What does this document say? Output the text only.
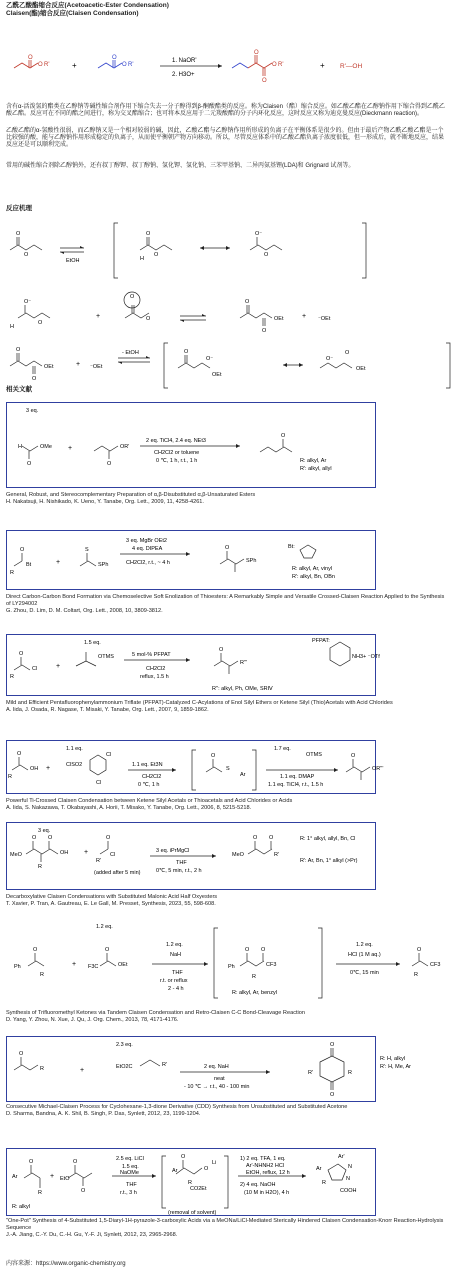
乙酰乙酸酯缩合反应(Acetoacetic-Ester Condensation)
Claisen(酯)缩合反应(Claisen Condensation)
O R'
O
+
O
O R'
1. NaOR'
2. H3O+
O
O
O R'	+ R'—OH
含有α-活泼氢的酯类在乙醇钠等碱性缩合剂作用下缩合失去一分子醇得到β-酮酸酯类的反应。称为Claisen（酯）缩合反应。如乙酸乙酯在乙醇钠作用下缩合得到乙酰乙酸乙酯。反应可在不同的酯之间进行，称为交叉酯缩合；也可将本反应用于二元羧酸酯的分子内环化反应，这时反应又称为迪克曼反应(Dieckmann reaction)。
乙酸乙酯的α-氢酸性很弱，而乙醇钠又是一个相对较弱的碱，因此，乙酸乙酯与乙醇钠作用所形成的负离子在平衡体系是很少的。但由于最后产物乙酰乙酸乙酯是一个比较强的酸，能与乙醇钠作用形成稳定的负离子，从而使平衡朝产物方向移动。所以，尽管反应体系中的乙酸乙酯负离子浓度很低，但一形成后，就不断地反应，结果反应还是可以顺利完成。
常用的碱性缩合剂除乙醇钠外，还有叔丁醇钾、叔丁醇钠、氢化钾、氢化钠、三苯甲基钠、二异丙氨基锂(LDA)和 Grignard 试剂等。
反应机理
O
O
EtOH
O
O
H
O⁻
O
H
O⁻
O
+
O
O
O
O
OEt	+ ⁻OEt
O
O
OEt	+ ⁻OEt
- EtOH	O
O⁻
OEt
O⁻
O
OEt
相关文献
3 eq.
H
O
OMe +
O
OR'
2 eq. TiCl4, 2.4 eq. NEt3
CH2Cl2 or toluene
0 ℃, 1 h, r.t., 1 h
O
R: alkyl, Ar
R': alkyl, allyl
General, Robust, and Stereocomplementary Preparation of α,β-Disubstituted α,β-Unsaturated Esters
H. Nakatsuji, H. Nishikado, K. Ueno, Y. Tanabe, Org. Lett., 2009, 11, 4258-4261.
O
R
Bt	+
S
SPh
3 eq. MgBr OEt2
4 eq. DIPEA
CH2Cl2, r.t., ~ 4 h
O
SPh
Bt:
R: alkyl, Ar, vinyl
R': alkyl, Bn, OBn
Direct Carbon-Carbon Bond Formation via Chemoselective Soft Enolization of Thioesters: A Remarkably Simple and Versatile Crossed-Claisen Reaction Applied to the Synthesis of LY294002
G. Zhou, D. Lim, D. M. Coltart, Org. Lett., 2008, 10, 3809-3812.
1.5 eq.
O
R
Cl	+
OTMS	5 mol-% PFPAT
CH2Cl2
reflux, 1.5 h
O
R'''
PFPAT:
NH3+ ⁻OTf
R'': alkyl, Ph, OMe, SRⅣ
Mild and Efficient Pentafluorophenylammonium Triflate (PFPAT)-Catalyzed C-Acylations of Enol Silyl Ethers or Ketene Silyl (Thio)Acetals with Acid Chlorides
A. Iida, J. Osada, R. Nagase, T. Misaki, Y. Tanabe, Org. Lett., 2007, 9, 1859-1862.
1.1 eq.
O
R
OH +	ClSO2
Cl
Cl
1.1 eq. Et3N
CH2Cl2
0 ℃, 1 h
O
S
Ar
1.7 eq.
OTMS
1.1 eq. DMAP
1.1 eq. TiCl4, r.t., 1.5 h
O
OR'''
Powerful Ti-Crossed Claisen Condensation between Ketene Silyl Acetals or Thioacetals and Acid Chlorides or Acids
A. Iida, S. Nakazawa, T. Okabayashi, A. Horii, T. Misako, Y. Tanabe, Org. Lett., 2006, 8, 5215-5218.
3 eq.
MeO
O O
OH
R
+
O
Cl
R'
(added after 5 min)
3 eq. iPrMgCl
THF
0℃, 5 min, r.t., 2 h
MeO
O O
R'
R: 1° alkyl, allyl, Bn, Cl
R': Ar, Bn, 1° alkyl (>Pr)
Decarboxylative Claisen Condensations with Substituted Malonic Acid Half Oxyesters
T. Xavier, P. Tran, A. Gautreau, E. Le Gall, M. Presset, Synthesis, 2023, 55, 598-608.
1.2 eq.
Ph
O
R
+ F3C
O
OEt
1.2 eq.
NaH
THF
r.t. or reflux
2 - 4 h
Ph
O O
CF3
R
R: alkyl, Ar, benzyl
1.2 eq.
HCl (1 M aq.)
0℃, 15 min
O
CF3
R
Synthesis of Trifluoromethyl Ketones via Tandem Claisen Condensation and Retro-Claisen C-C Bond-Cleavage Reaction
D. Yang, Y. Zhou, N. Xue, J. Qu, J. Org. Chem., 2013, 78, 4171-4176.
2.3 eq.
O
R	+	EtO2C	R'	2 eq. NaH
neat
- 10 ℃ → r.t., 40 - 100 min
O
O
R'	R
R: H, alkyl
R': H, Me, Ar
Consecutive Michael-Claisen Process for Cyclohexane-1,3-dione Derivative (CDD) Synthesis from Unsubstituted and Substituted Acetone
D. Sharma, Bandna, A. K. Shil, B. Singh, P. Das, Synlett, 2012, 23, 1199-1204.
Ar
O
R
R: alkyl
+ EtO
O
O
2.5 eq. LiCl
1.5 eq.
NaOMe
THF
r.t., 3 h
Ar
O
O
Li
CO2Et
R
(removal of solvent)
1) 2 eq. TFA, 1 eq.
Ar'-NHNH2 HCl
EtOH, reflux, 12 h
2) 4 eq. NaOH
(10 M in H2O), 4 h
Ar'
Ar	N
N
R
COOH
"One-Pot" Synthesis of 4-Substituted 1,5-Diaryl-1H-pyrazole-3-carboxylic Acids via a MeONa/LiCl-Mediated Sterically Hindered Claisen Condensation-Knorr Reaction-Hydrolysis Sequence
J.-A. Jiang, C.-Y. Du, C.-H. Gu, Y.-F. Ji, Synlett, 2012, 23, 2965-2968.
内容来源：https://www.organic-chemistry.org
